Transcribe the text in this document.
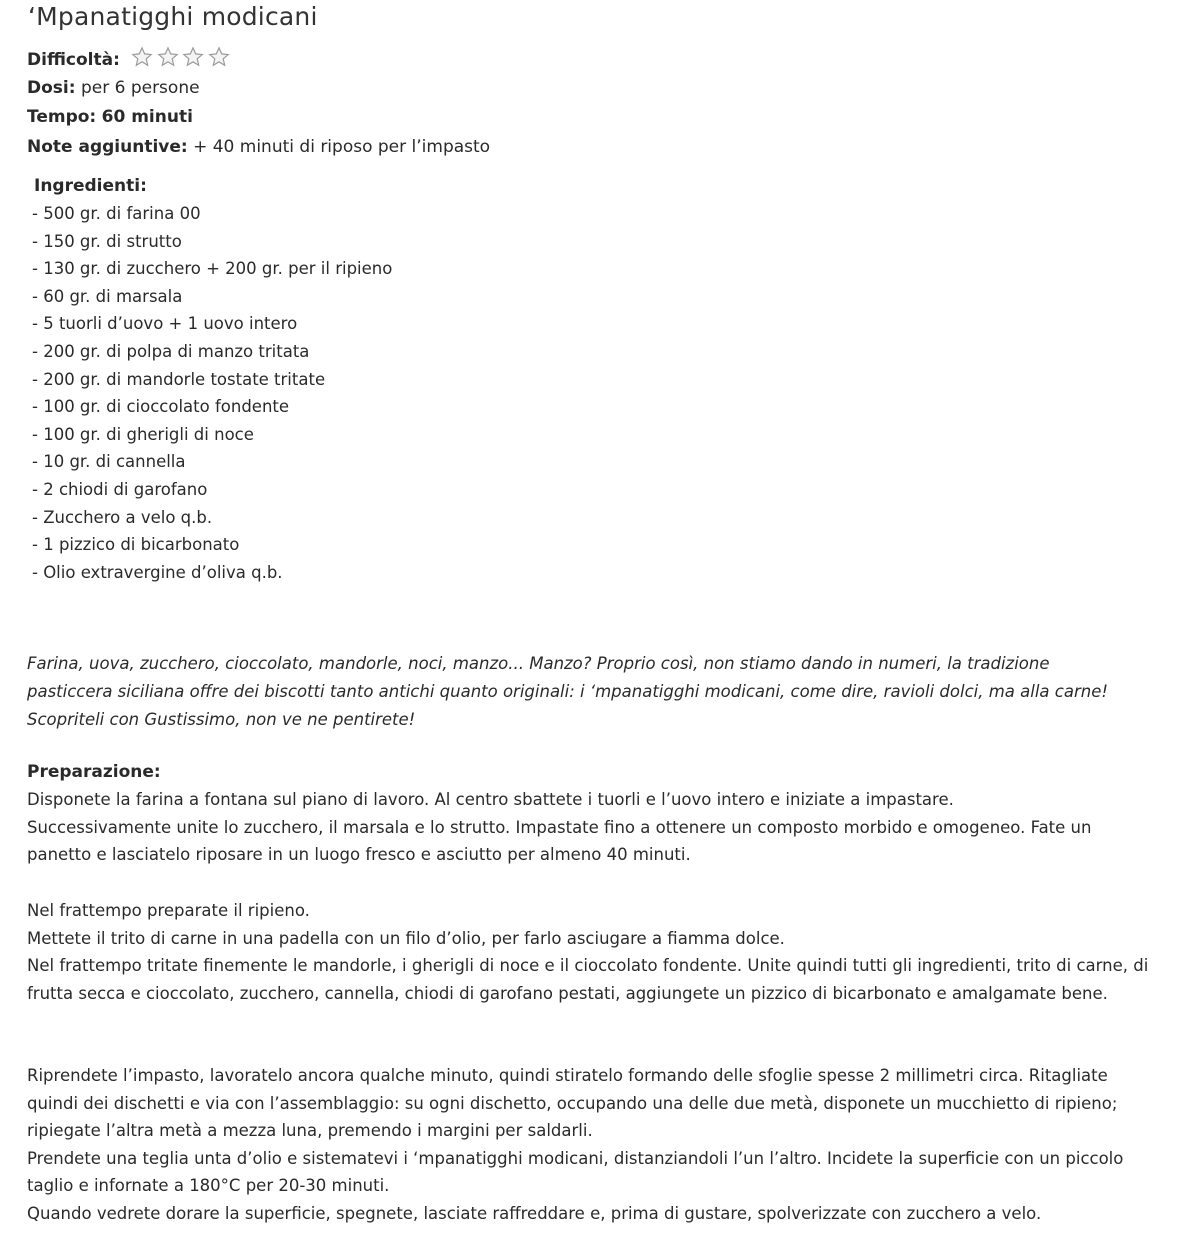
‘Mpanatigghi modicani
Difficoltà:
Dosi: per 6 persone
Tempo: 60 minuti
Note aggiuntive: + 40 minuti di riposo per l’impasto
Ingredienti:
- 500 gr. di farina 00
- 150 gr. di strutto
- 130 gr. di zucchero + 200 gr. per il ripieno
- 60 gr. di marsala
- 5 tuorli d’uovo + 1 uovo intero
- 200 gr. di polpa di manzo tritata
- 200 gr. di mandorle tostate tritate
- 100 gr. di cioccolato fondente
- 100 gr. di gherigli di noce
- 10 gr. di cannella
- 2 chiodi di garofano
- Zucchero a velo q.b.
- 1 pizzico di bicarbonato
- Olio extravergine d’oliva q.b.
Farina, uova, zucchero, cioccolato, mandorle, noci, manzo... Manzo? Proprio così, non stiamo dando in numeri, la tradizione pasticcera siciliana offre dei biscotti tanto antichi quanto originali: i ‘mpanatigghi modicani, come dire, ravioli dolci, ma alla carne! Scopriteli con Gustissimo, non ve ne pentirete!
Preparazione:

Disponete la farina a fontana sul piano di lavoro. Al centro sbattete i tuorli e l’uovo intero e iniziate a impastare.

Successivamente unite lo zucchero, il marsala e lo strutto. Impastate fino a ottenere un composto morbido e omogeneo. Fate un panetto e lasciatelo riposare in un luogo fresco e asciutto per almeno 40 minuti.

Nel frattempo preparate il ripieno.

Mettete il trito di carne in una padella con un filo d’olio, per farlo asciugare a fiamma dolce.

Nel frattempo tritate finemente le mandorle, i gherigli di noce e il cioccolato fondente. Unite quindi tutti gli ingredienti, trito di carne, di frutta secca e cioccolato, zucchero, cannella, chiodi di garofano pestati, aggiungete un pizzico di bicarbonato e amalgamate bene.

Riprendete l’impasto, lavoratelo ancora qualche minuto, quindi stiratelo formando delle sfoglie spesse 2 millimetri circa. Ritagliate quindi dei dischetti e via con l’assemblaggio: su ogni dischetto, occupando una delle due metà, disponete un mucchietto di ripieno; ripiegate l’altra metà a mezza luna, premendo i margini per saldarli.

Prendete una teglia unta d’olio e sistematevi i ‘mpanatigghi modicani, distanziandoli l’un l’altro. Incidete la superficie con un piccolo taglio e infornate a 180°C per 20-30 minuti.

Quando vedrete dorare la superficie, spegnete, lasciate raffreddare e, prima di gustare, spolverizzate con zucchero a velo.
